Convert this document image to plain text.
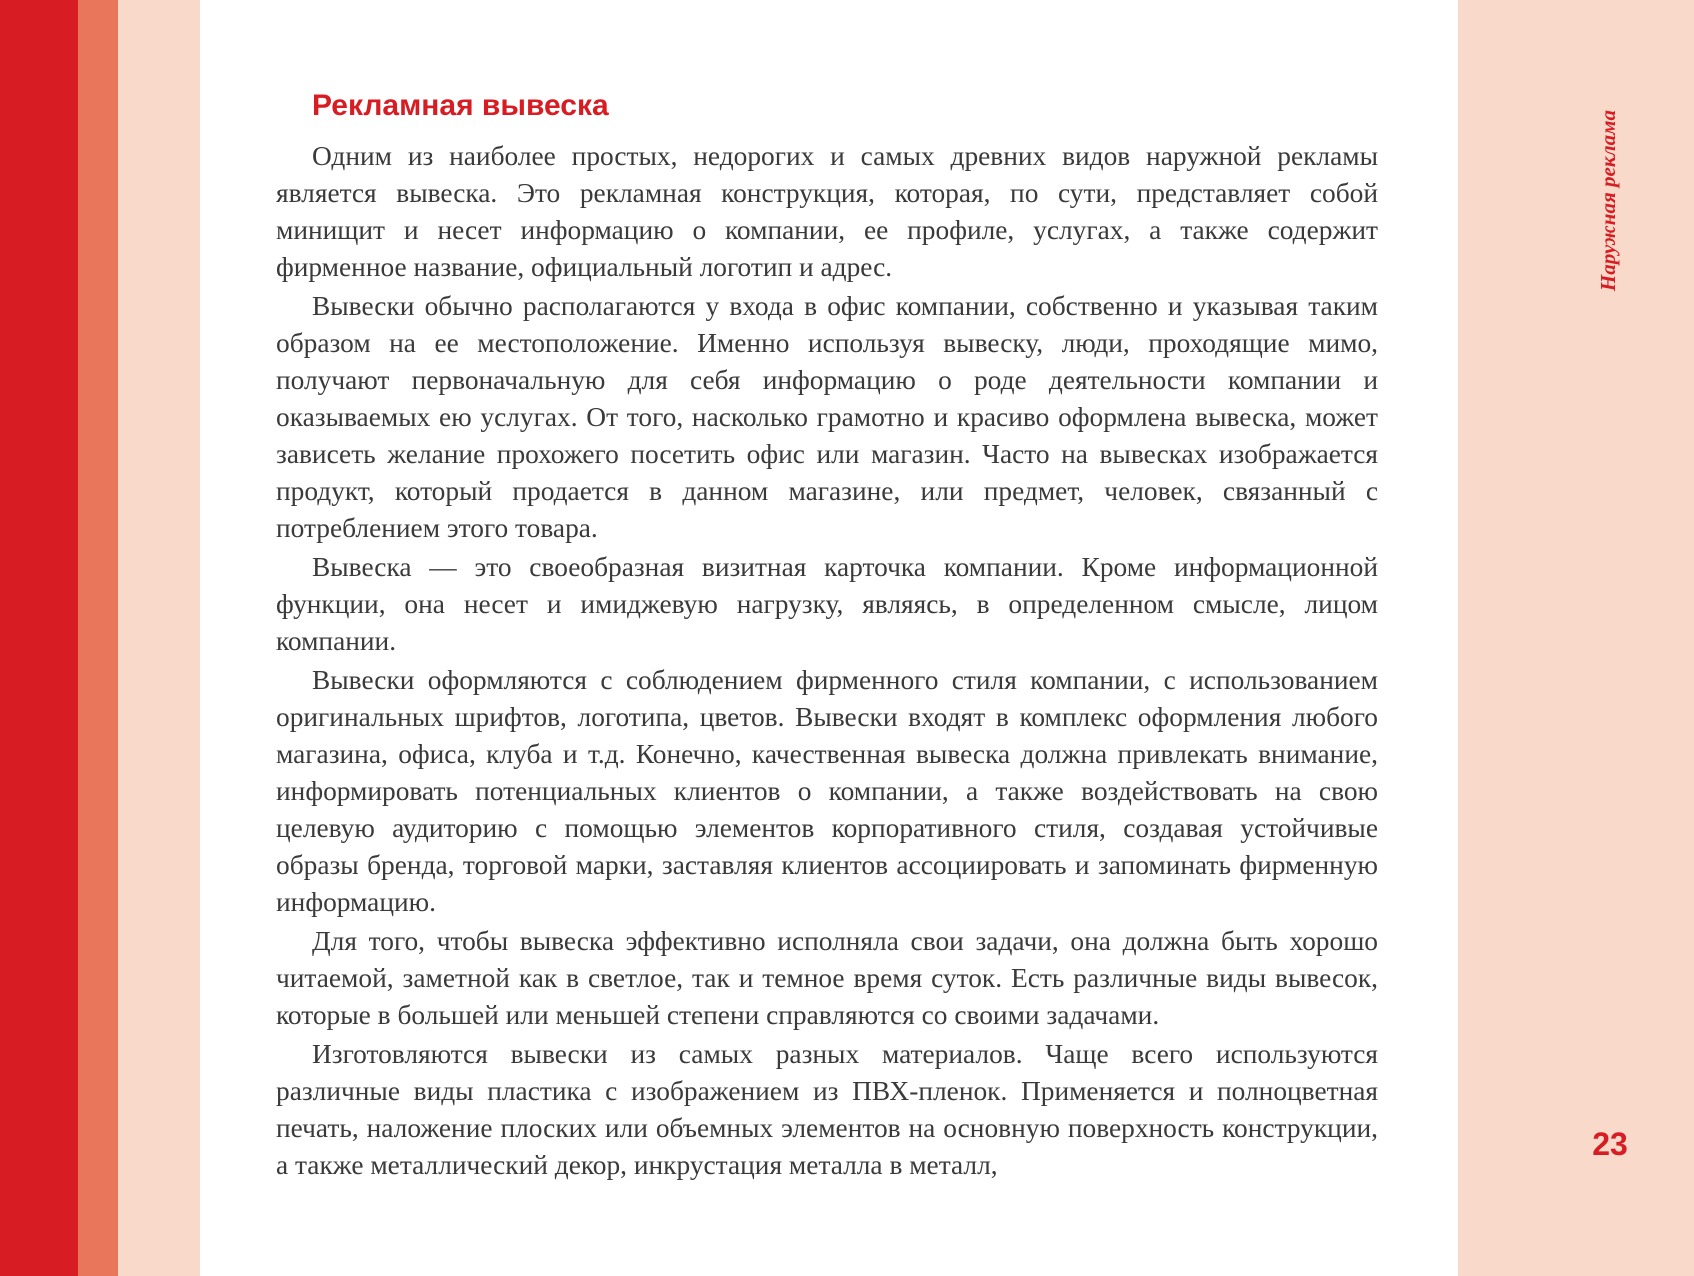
Рекламная вывеска

Одним из наиболее простых, недорогих и самых древних видов наружной рекламы является вывеска. Это рекламная конструкция, которая, по сути, представляет собой минищит и несет информацию о компании, ее профиле, услугах, а также содержит фирменное название, официальный логотип и адрес.

Вывески обычно располагаются у входа в офис компании, собственно и указывая таким образом на ее местоположение. Именно используя вывеску, люди, проходящие мимо, получают первоначальную для себя информацию о роде деятельности компании и оказываемых ею услугах. От того, насколько грамотно и красиво оформлена вывеска, может зависеть желание прохожего посетить офис или магазин. Часто на вывесках изображается продукт, который продается в данном магазине, или предмет, человек, связанный с потреблением этого товара.

Вывеска — это своеобразная визитная карточка компании. Кроме информационной функции, она несет и имиджевую нагрузку, являясь, в определенном смысле, лицом компании.

Вывески оформляются с соблюдением фирменного стиля компании, с использованием оригинальных шрифтов, логотипа, цветов. Вывески входят в комплекс оформления любого магазина, офиса, клуба и т.д. Конечно, качественная вывеска должна привлекать внимание, информировать потенциальных клиентов о компании, а также воздействовать на свою целевую аудиторию с помощью элементов корпоративного стиля, создавая устойчивые образы бренда, торговой марки, заставляя клиентов ассоциировать и запоминать фирменную информацию.

Для того, чтобы вывеска эффективно исполняла свои задачи, она должна быть хорошо читаемой, заметной как в светлое, так и темное время суток. Есть различные виды вывесок, которые в большей или меньшей степени справляются со своими задачами.

Изготовляются вывески из самых разных материалов. Чаще всего используются различные виды пластика с изображением из ПВХ-пленок. Применяется и полноцветная печать, наложение плоских или объемных элементов на основную поверхность конструкции, а также металлический декор, инкрустация металла в металл,

Наружная реклама
23
